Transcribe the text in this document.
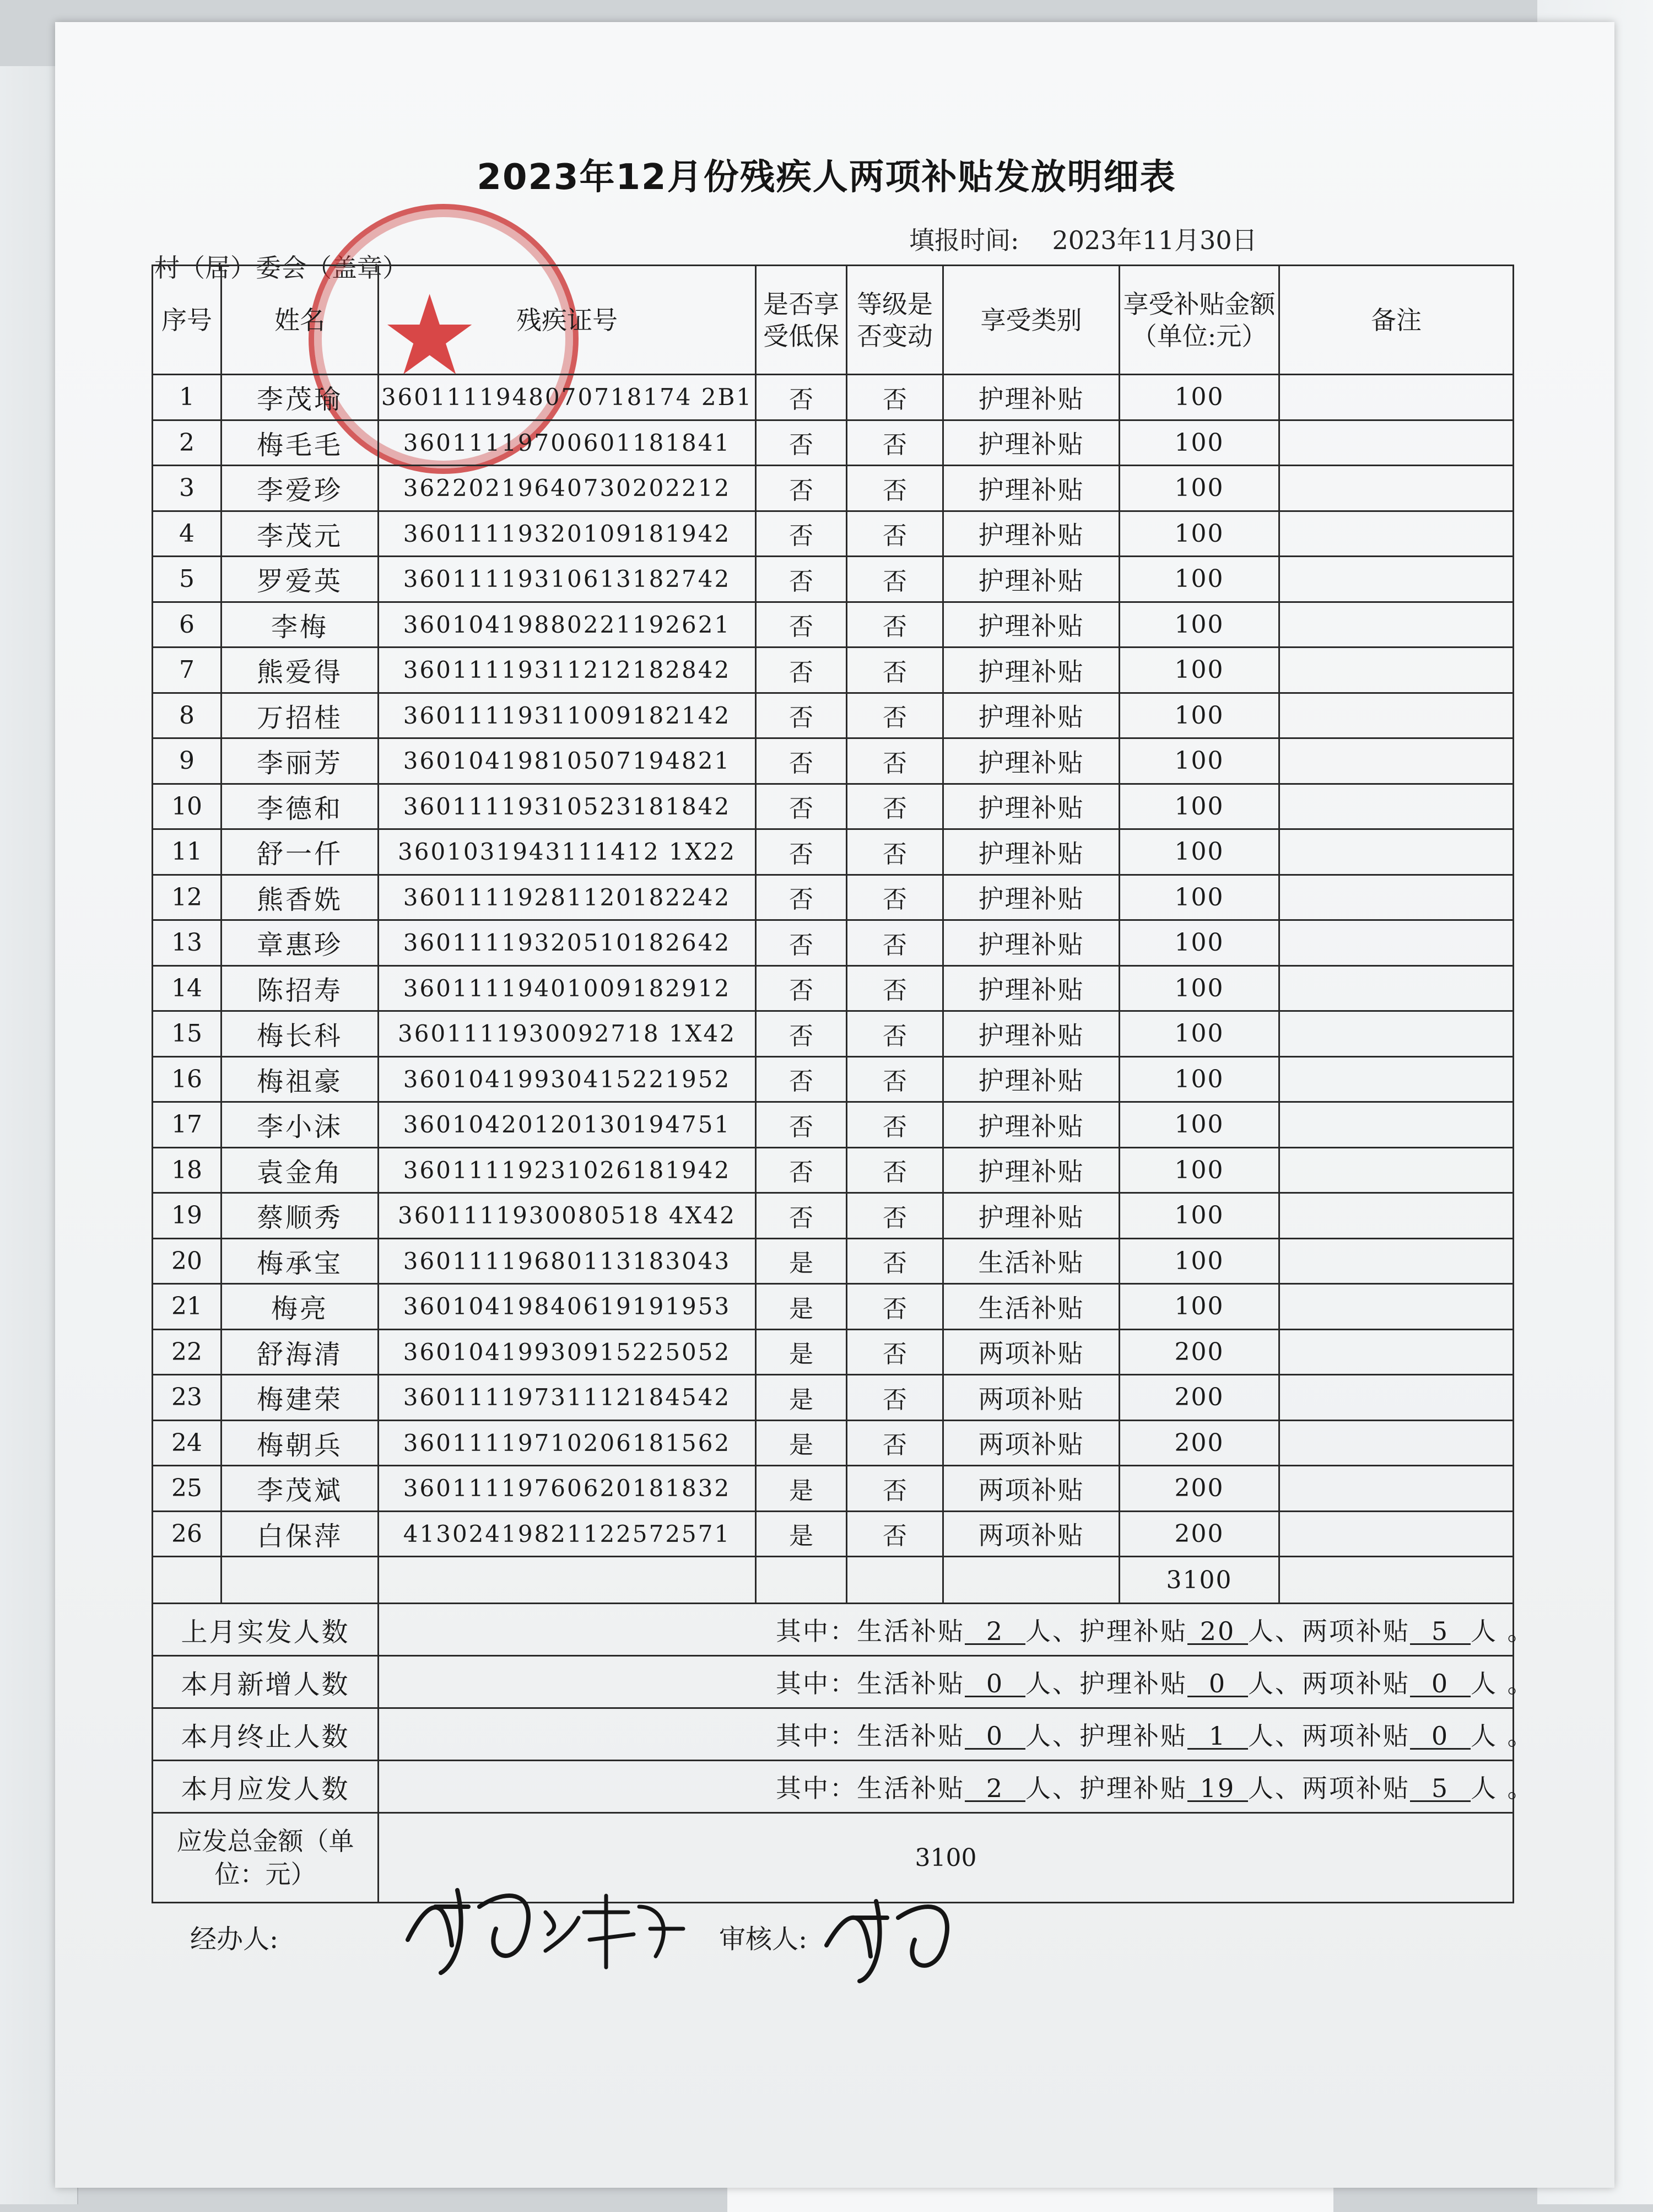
2023年12月份残疾人两项补贴发放明细表
填报时间: 2023年11月30日
村（居）委会（盖章）
★
序号	姓名	残疾证号	是否享受低保	等级是否变动	享受类别	享受补贴金额（单位:元）	备注
1	李茂瑜	3601111948070718174 2B1	否	否	护理补贴	100	
2	梅毛毛	36011119700601181841	否	否	护理补贴	100	
3	李爱珍	36220219640730202212	否	否	护理补贴	100	
4	李茂元	36011119320109181942	否	否	护理补贴	100	
5	罗爱英	36011119310613182742	否	否	护理补贴	100	
6	李梅	36010419880221192621	否	否	护理补贴	100	
7	熊爱得	36011119311212182842	否	否	护理补贴	100	
8	万招桂	36011119311009182142	否	否	护理补贴	100	
9	李丽芳	36010419810507194821	否	否	护理补贴	100	
10	李德和	36011119310523181842	否	否	护理补贴	100	
11	舒一仟	3601031943111412 1X22	否	否	护理补贴	100	
12	熊香姺	36011119281120182242	否	否	护理补贴	100	
13	章惠珍	36011119320510182642	否	否	护理补贴	100	
14	陈招寿	36011119401009182912	否	否	护理补贴	100	
15	梅长科	3601111930092718 1X42	否	否	护理补贴	100	
16	梅祖豪	36010419930415221952	否	否	护理补贴	100	
17	李小沫	36010420120130194751	否	否	护理补贴	100	
18	袁金角	36011119231026181942	否	否	护理补贴	100	
19	蔡顺秀	3601111930080518 4X42	否	否	护理补贴	100	
20	梅承宝	36011119680113183043	是	否	生活补贴	100	
21	梅亮	36010419840619191953	是	否	生活补贴	100	
22	舒海清	36010419930915225052	是	否	两项补贴	200	
23	梅建荣	36011119731112184542	是	否	两项补贴	200	
24	梅朝兵	36011119710206181562	是	否	两项补贴	200	
25	李茂斌	36011119760620181832	是	否	两项补贴	200	
26	白保萍	41302419821122572571	是	否	两项补贴	200	
						3100	
上月实发人数		其中：生活补贴 2 人、护理补贴 20 人、两项补贴 5 人 。					
本月新增人数		其中：生活补贴 0 人、护理补贴 0 人、两项补贴 0 人 。					
本月终止人数		其中：生活补贴 0 人、护理补贴 1 人、两项补贴 0 人 。					
本月应发人数		其中：生活补贴 2 人、护理补贴 19 人、两项补贴 5 人 。					
应发总金额（单位：元）		3100					
经办人:	审核人:
